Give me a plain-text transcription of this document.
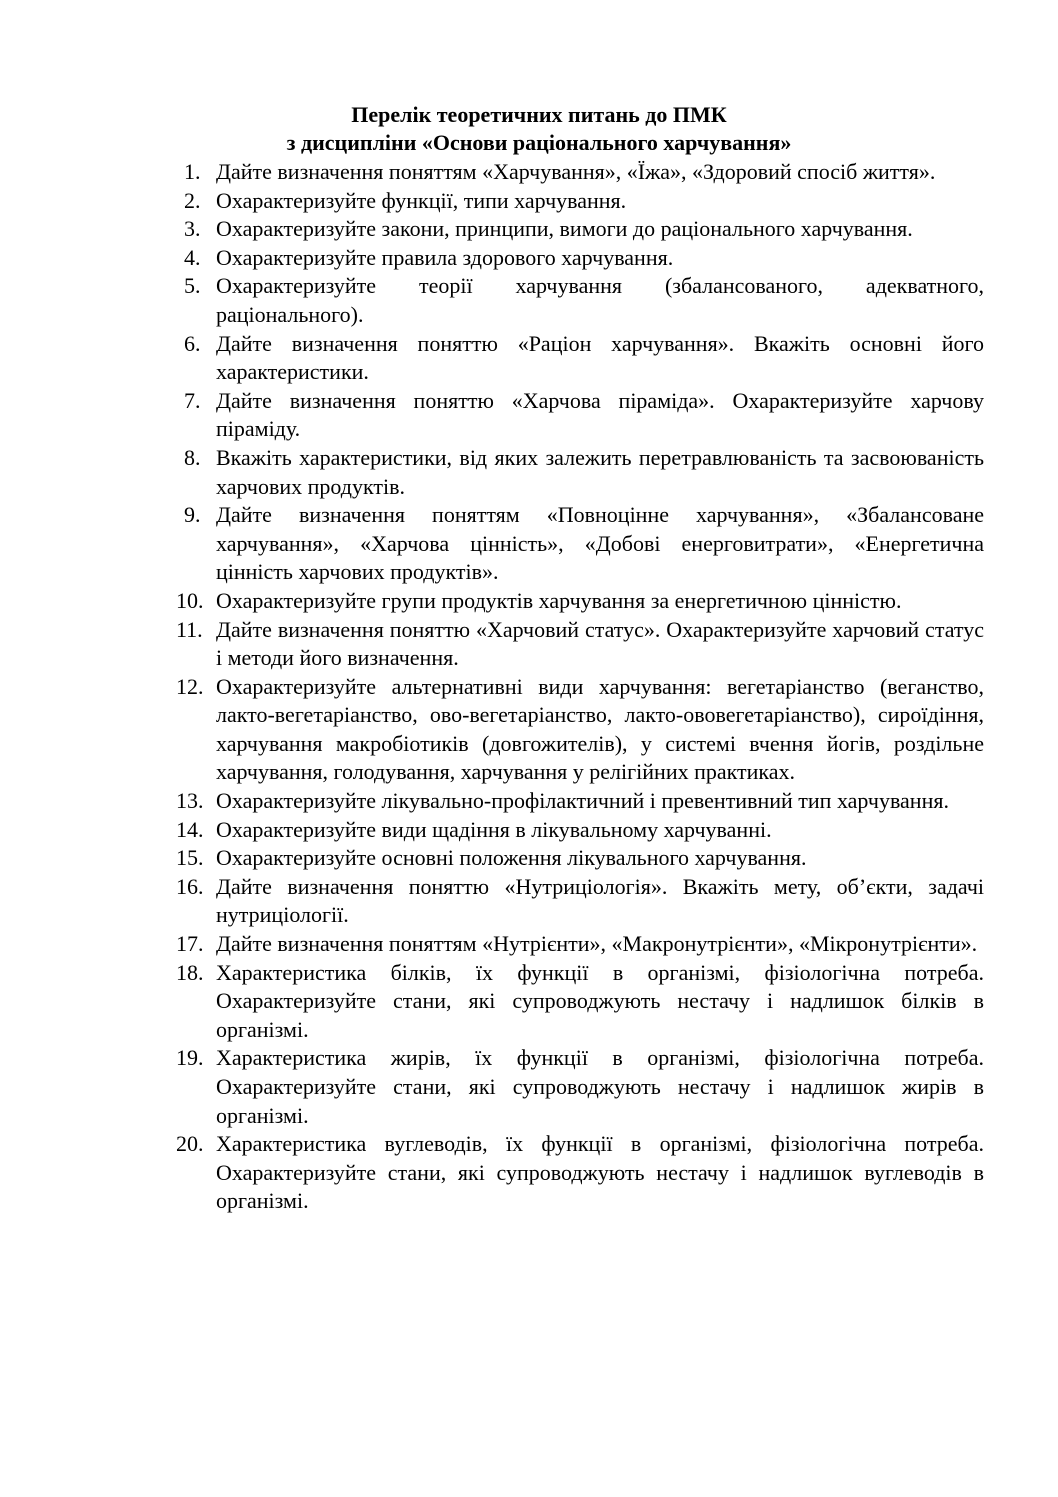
Перелік теоретичних питань до ПМК
з дисципліни «Основи раціонального харчування»
1. Дайте визначення поняттям «Харчування», «Їжа», «Здоровий спосіб життя».
2. Охарактеризуйте функції, типи харчування.
3. Охарактеризуйте закони, принципи, вимоги до раціонального харчування.
4. Охарактеризуйте правила здорового харчування.
5. Охарактеризуйте теорії харчування (збалансованого, адекватного, раціонального).
6. Дайте визначення поняттю «Раціон харчування». Вкажіть основні його характеристики.
7. Дайте визначення поняттю «Харчова піраміда». Охарактеризуйте харчову піраміду.
8. Вкажіть характеристики, від яких залежить перетравлюваність та засвоюваність харчових продуктів.
9. Дайте визначення поняттям «Повноцінне харчування», «Збалансоване харчування», «Харчова цінність», «Добові енерговитрати», «Енергетична цінність харчових продуктів».
10. Охарактеризуйте групи продуктів харчування за енергетичною цінністю.
11. Дайте визначення поняттю «Харчовий статус». Охарактеризуйте харчовий статус і методи його визначення.
12. Охарактеризуйте альтернативні види харчування: вегетаріанство (веганство, лакто-вегетаріанство, ово-вегетаріанство, лакто-ововегетаріанство), сироїдіння, харчування макробіотиків (довгожителів), у системі вчення йогів, роздільне харчування, голодування, харчування у релігійних практиках.
13. Охарактеризуйте лікувально-профілактичний і превентивний тип харчування.
14. Охарактеризуйте види щадіння в лікувальному харчуванні.
15. Охарактеризуйте основні положення лікувального харчування.
16. Дайте визначення поняттю «Нутриціологія». Вкажіть мету, об’єкти, задачі нутриціології.
17. Дайте визначення поняттям «Нутрієнти», «Макронутрієнти», «Мікронутрієнти».
18. Характеристика білків, їх функції в організмі, фізіологічна потреба. Охарактеризуйте стани, які супроводжують нестачу і надлишок білків в організмі.
19. Характеристика жирів, їх функції в організмі, фізіологічна потреба. Охарактеризуйте стани, які супроводжують нестачу і надлишок жирів в організмі.
20. Характеристика вуглеводів, їх функції в організмі, фізіологічна потреба. Охарактеризуйте стани, які супроводжують нестачу і надлишок вуглеводів в організмі.
